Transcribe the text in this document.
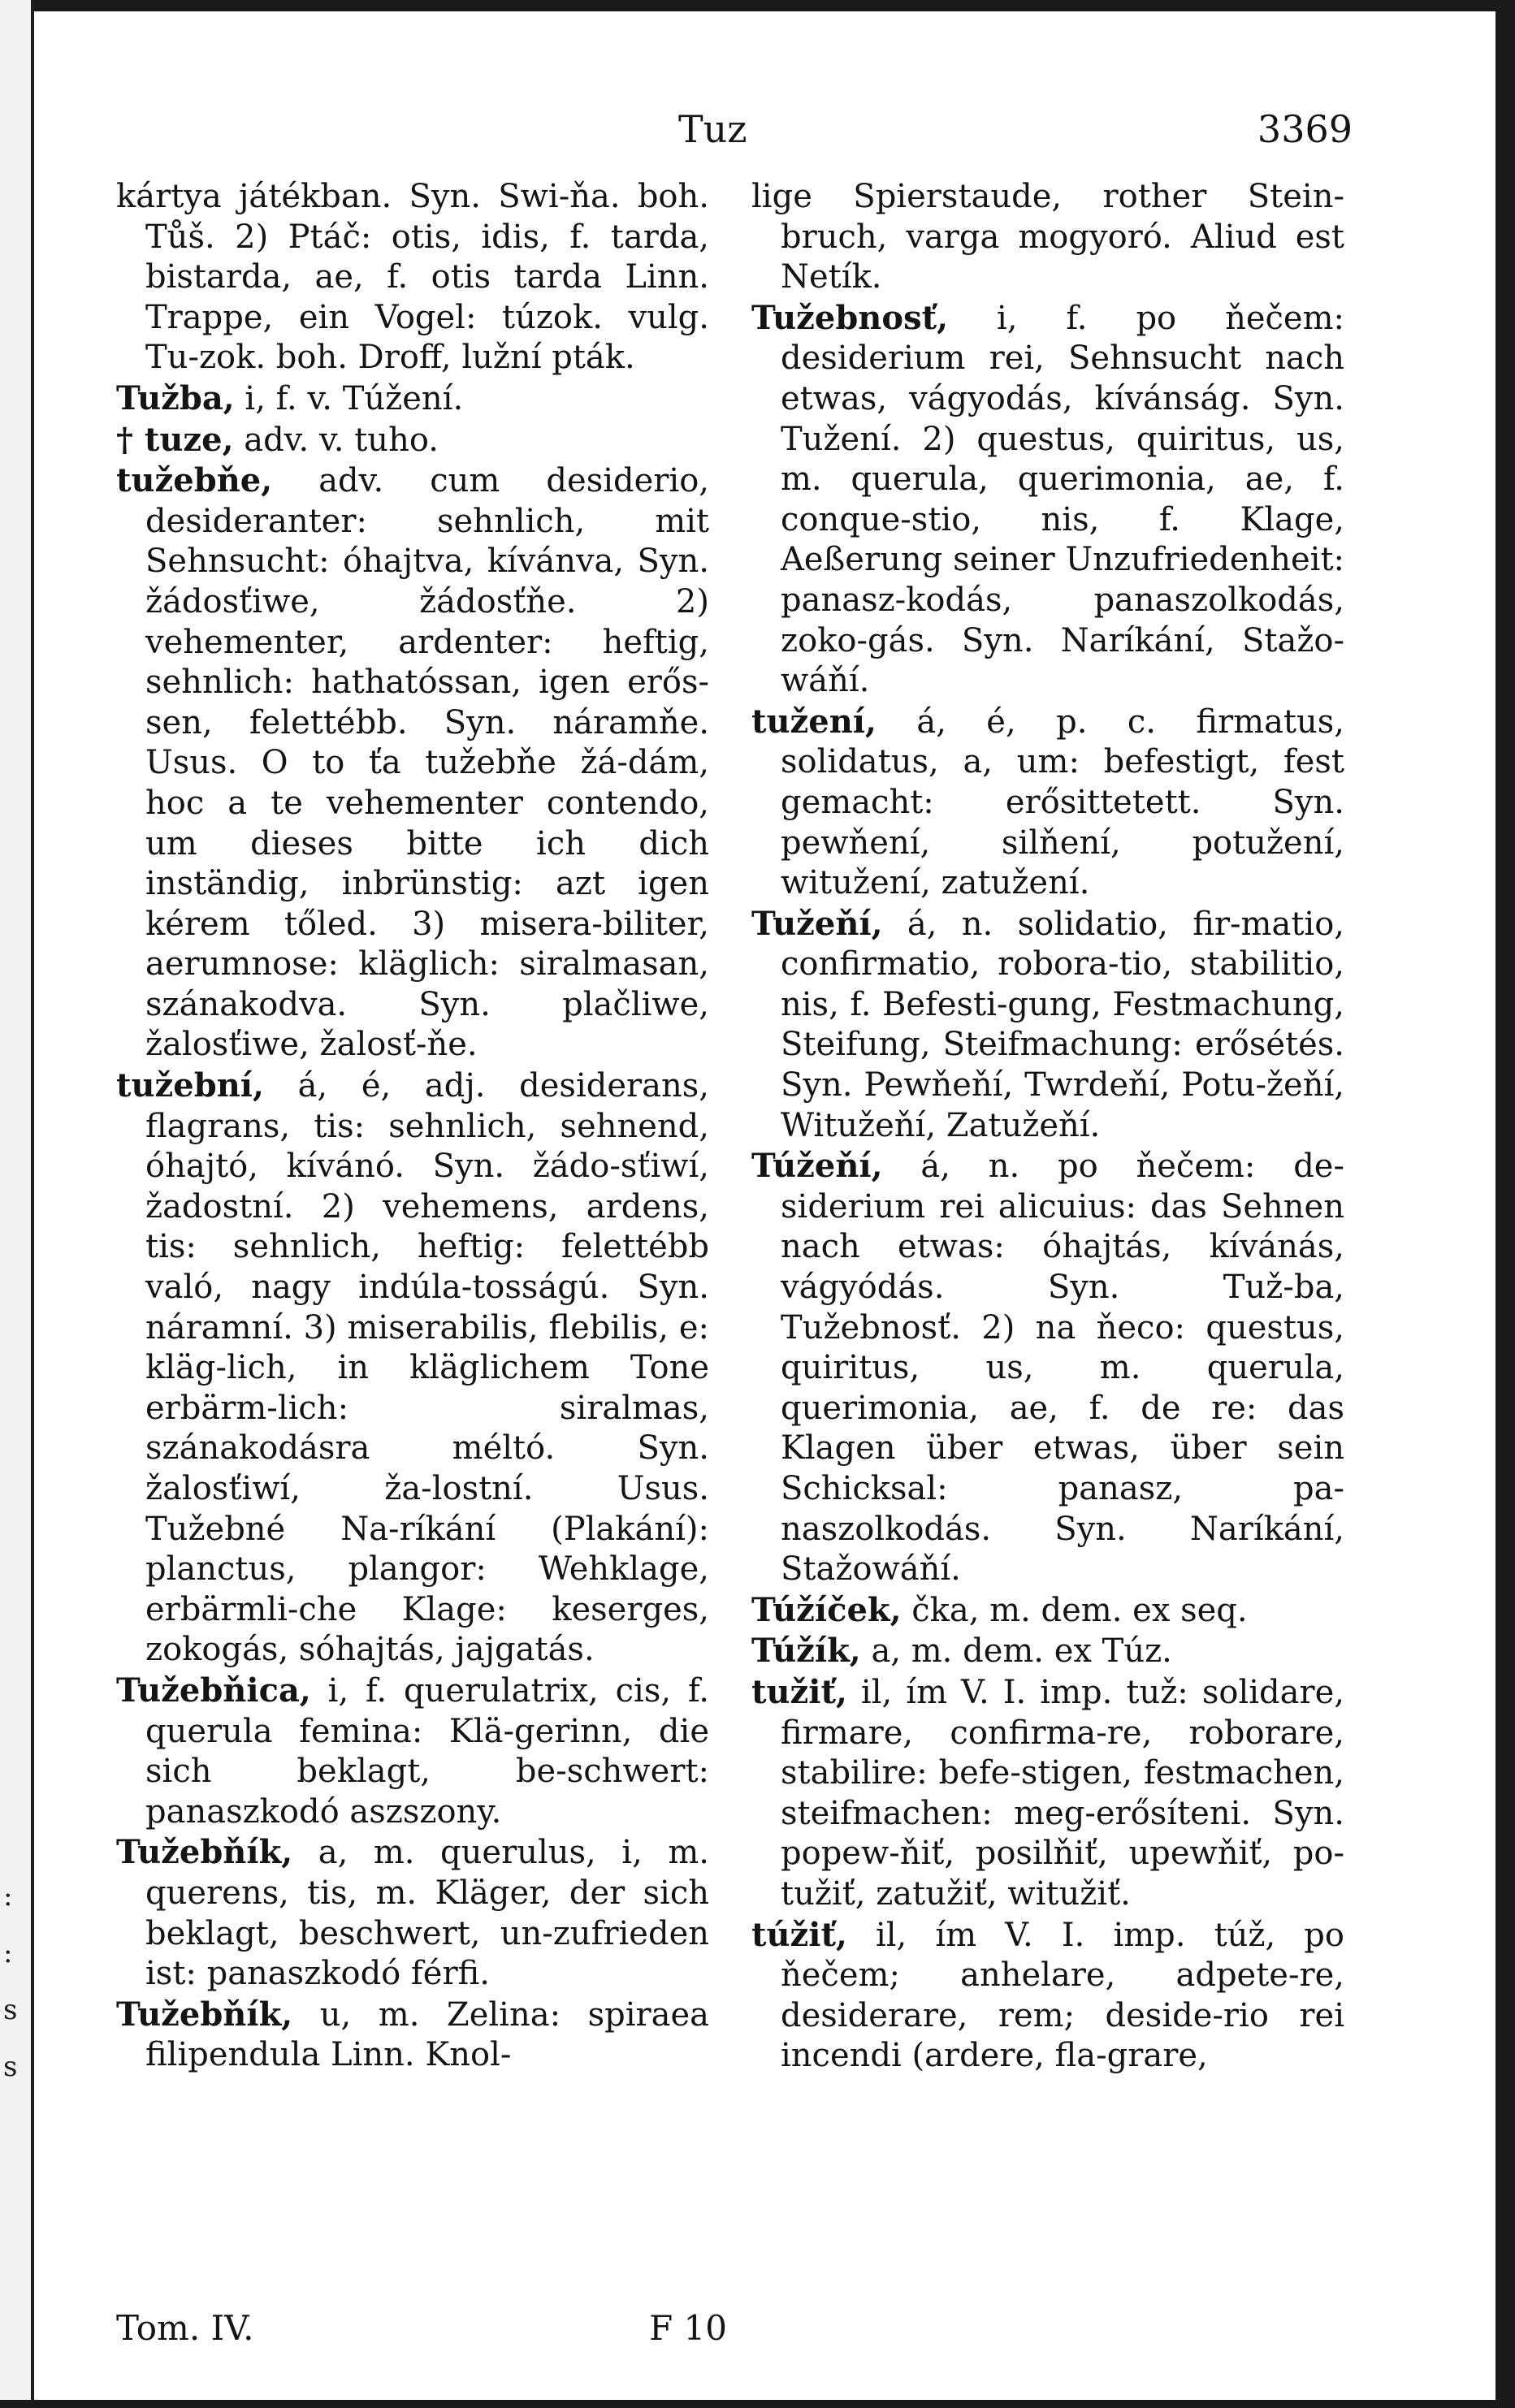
:
:
s
s
Tuz	3369

kártya játékban. Syn. Swi-ňa. boh. Tůš. 2) Ptáč: otis, idis, f. tarda, bistarda, ae, f. otis tarda Linn. Trappe, ein Vogel: túzok. vulg. Tu-zok. boh. Droff, lužní pták.

Tužba, i, f. v. Túžení.

† tuze, adv. v. tuho.

tužebňe, adv. cum desiderio, desideranter: sehnlich, mit Sehnsucht: óhajtva, kívánva, Syn. žádosťiwe, žádosťňe. 2) vehementer, ardenter: heftig, sehnlich: hathatóssan, igen erős-sen, felettébb. Syn. náramňe. Usus. O to ťa tužebňe žá-dám, hoc a te vehementer contendo, um dieses bitte ich dich inständig, inbrünstig: azt igen kérem tőled. 3) misera-biliter, aerumnose: kläglich: siralmasan, szánakodva. Syn. plačliwe, žalosťiwe, žalosť-ňe.

tužební, á, é, adj. desiderans, flagrans, tis: sehnlich, sehnend, óhajtó, kívánó. Syn. žádo-sťiwí, žadostní. 2) vehemens, ardens, tis: sehnlich, heftig: felettébb való, nagy indúla-tosságú. Syn. náramní. 3) miserabilis, flebilis, e: kläg-lich, in kläglichem Tone erbärm-lich: siralmas, szánakodásra méltó. Syn. žalosťiwí, ža-lostní. Usus. Tužebné Na-ríkání (Plakání): planctus, plangor: Wehklage, erbärmli-che Klage: keserges, zokogás, sóhajtás, jajgatás.

Tužebňica, i, f. querulatrix, cis, f. querula femina: Klä-gerinn, die sich beklagt, be-schwert: panaszkodó aszszony.

Tužebňík, a, m. querulus, i, m. querens, tis, m. Kläger, der sich beklagt, beschwert, un-zufrieden ist: panaszkodó férfi.

Tužebňík, u, m. Zelina: spiraea filipendula Linn. Knol-

lige Spierstaude, rother Stein-bruch, varga mogyoró. Aliud est Netík.

Tužebnosť, i, f. po ňečem: desiderium rei, Sehnsucht nach etwas, vágyodás, kívánság. Syn. Tužení. 2) questus, quiritus, us, m. querula, querimonia, ae, f. conque-stio, nis, f. Klage, Aeßerung seiner Unzufriedenheit: panasz-kodás, panaszolkodás, zoko-gás. Syn. Naríkání, Stažo-wáňí.

tužení, á, é, p. c. firmatus, solidatus, a, um: befestigt, fest gemacht: erősittetett. Syn. pewňení, silňení, potužení, witužení, zatužení.

Tužeňí, á, n. solidatio, fir-matio, confirmatio, robora-tio, stabilitio, nis, f. Befesti-gung, Festmachung, Steifung, Steifmachung: erősétés. Syn. Pewňeňí, Twrdeňí, Potu-žeňí, Witužeňí, Zatužeňí.

Túžeňí, á, n. po ňečem: de-siderium rei alicuius: das Sehnen nach etwas: óhajtás, kívánás, vágyódás. Syn. Tuž-ba, Tužebnosť. 2) na ňeco: questus, quiritus, us, m. querula, querimonia, ae, f. de re: das Klagen über etwas, über sein Schicksal: panasz, pa-naszolkodás. Syn. Naríkání, Stažowáňí.

Túžíček, čka, m. dem. ex seq.

Túžík, a, m. dem. ex Túz.

tužiť, il, ím V. I. imp. tuž: solidare, firmare, confirma-re, roborare, stabilire: befe-stigen, festmachen, steifmachen: meg-erősíteni. Syn. popew-ňiť, posilňiť, upewňiť, po-tužiť, zatužiť, witužiť.

túžiť, il, ím V. I. imp. túž, po ňečem; anhelare, adpete-re, desiderare, rem; deside-rio rei incendi (ardere, fla-grare,

Tom. IV.	F 10
